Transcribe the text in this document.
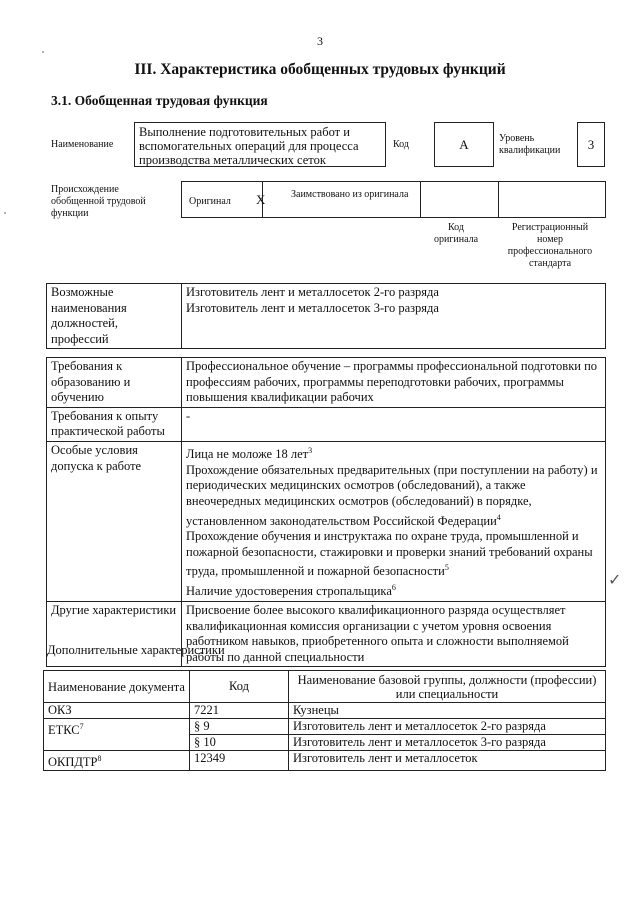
3
III. Характеристика обобщенных трудовых функций
3.1. Обобщенная трудовая функция
Наименование
Выполнение подготовительных работ и вспомогательных операций для процесса производства металлических сеток
Код	A	Уровень квалификации	3
Происхождение обобщенной трудовой функции
Оригинал X	Заимствовано из оригинала
Код оригинала
Регистрационный номер профессионального стандарта
Возможные наименования должностей, профессий	
Изготовитель лент и металлосеток 2-го разряда
Изготовитель лент и металлосеток 3-го разряда
Требования к образованию и обучению	Профессиональное обучение – программы профессиональной подготовки по профессиям рабочих, программы переподготовки рабочих, программы повышения квалификации рабочих
Требования к опыту практической работы	-
Особые условия допуска к работе	Лица не моложе 18 лет$^3$
Прохождение обязательных предварительных (при поступлении на работу) и периодических медицинских осмотров (обследований), а также внеочередных медицинских осмотров (обследований) в порядке, установленном законодательством Российской Федерации$^4$
Прохождение обучения и инструктажа по охране труда, промышленной и пожарной безопасности, стажировки и проверки знаний требований охраны труда, промышленной и пожарной безопасности$^5$
Наличие удостоверения стропальщика$^6$

Другие характеристики	Присвоение более высокого квалификационного разряда осуществляет квалификационная комиссия организации с учетом уровня освоения работником навыков, приобретенного опыта и сложности выполняемой работы по данной специальности
✓
Дополнительные характеристики
Наименование документа	Код	Наименование базовой группы, должности (профессии) или специальности
ОКЗ	7221	Кузнецы
ЕТКС$^7$	§ 9	Изготовитель лент и металлосеток 2-го разряда
	§ 10	Изготовитель лент и металлосеток 3-го разряда
ОКПДТР$^8$	12349	Изготовитель лент и металлосеток
